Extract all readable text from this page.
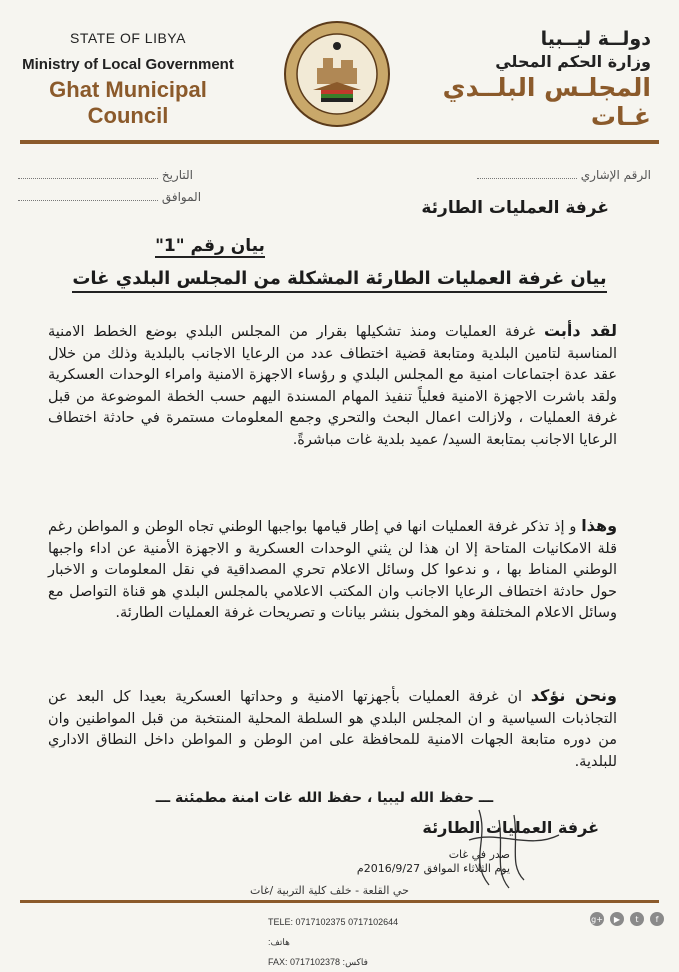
STATE OF LIBYA
Ministry of Local Government
Ghat Municipal Council
دولــة ليــبيا
وزارة الحكم المحلي
المجلـس البلــدي غـات
التاريخ
الموافق
الرقم الإشاري
غرفة العمليات الطارئة
بيان رقم "1"
بيان غرفة العمليات الطارئة المشكلة من المجلس البلدي غات
لقد دأبت غرفة العمليات ومنذ تشكيلها بقرار من المجلس البلدي بوضع الخطط الامنية المناسبة لتامين البلدية ومتابعة قضية اختطاف عدد من الرعايا الاجانب بالبلدية وذلك من خلال عقد عدة اجتماعات امنية مع المجلس البلدي و رؤساء الاجهزة الامنية وامراء الوحدات العسكرية ولقد باشرت الاجهزة الامنية فعلياً تنفيذ المهام المسندة اليهم حسب الخطة الموضوعة من قبل غرفة العمليات ، ولازالت اعمال البحث والتحري وجمع المعلومات مستمرة في حادثة اختطاف الرعايا الاجانب بمتابعة السيد/ عميد بلدية غات مباشرةً.
وهذا و إذ تذكر غرفة العمليات انها في إطار قيامها بواجبها الوطني تجاه الوطن و المواطن رغم قلة الامكانيات المتاحة إلا ان هذا لن يثني الوحدات العسكرية و الاجهزة الأمنية عن اداء واجبها الوطني المناط بها ، و ندعوا كل وسائل الاعلام تحري المصداقية في نقل المعلومات و الاخبار حول حادثة اختطاف الرعايا الاجانب وان المكتب الاعلامي بالمجلس البلدي هو قناة التواصل مع وسائل الاعلام المختلفة وهو المخول بنشر بيانات و تصريحات غرفة العمليات الطارئة.
ونحن نؤكد ان غرفة العمليات بأجهزتها الامنية و وحداتها العسكرية بعيدا كل البعد عن التجاذبات السياسية و ان المجلس البلدي هو السلطة المحلية المنتخبة من قبل المواطنين وان من دوره متابعة الجهات الامنية للمحافظة على امن الوطن و المواطن داخل النطاق الاداري للبلدية.
ـــ حفظ الله ليبيا ، حفظ الله غات امنة مطمئنة ـــ
غرفة العمليات الطارئة
صدر في غات
يوم الثلاثاء الموافق 2016/9/27م
حي القلعة - خلف كلية التربية /غات
g+	▶	t	f
TELE: 0717102375 0717102644 :هاتف
FAX: 0717102378 :فاكس
